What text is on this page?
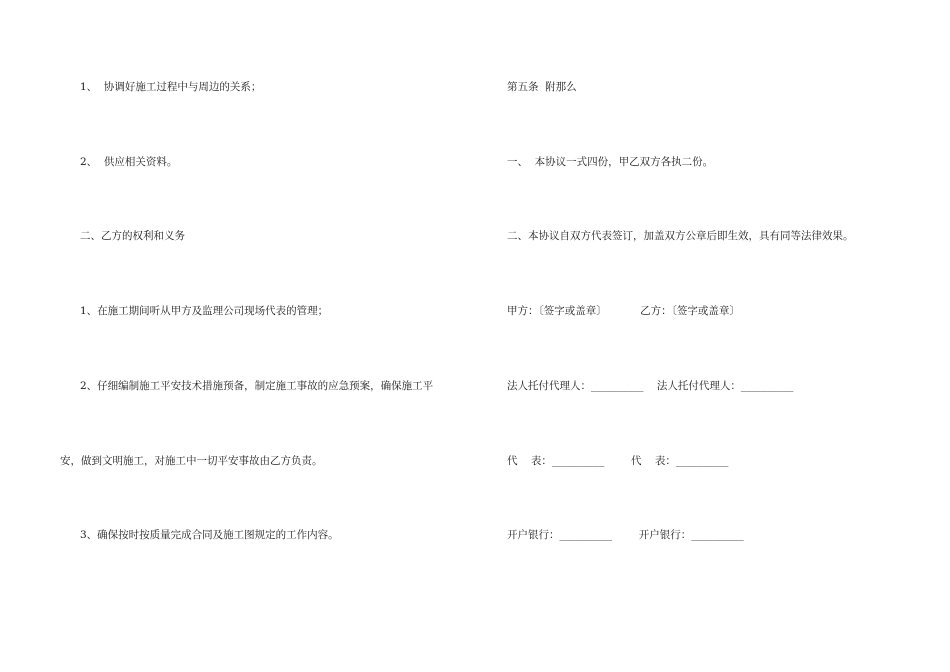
1、  协调好施工过程中与周边的关系；
2、  供应相关资料。
二、乙方的权利和义务
1、在施工期间听从甲方及监理公司现场代表的管理；
2、仔细编制施工平安技术措施预备，制定施工事故的应急预案，确保施工平
安，做到文明施工，对施工中一切平安事故由乙方负责。
3、确保按时按质量完成合同及施工图规定的工作内容。
第五条  附那么
一、  本协议一式四份，甲乙双方各执二份。
二、本协议自双方代表签订，加盖双方公章后即生效，具有同等法律效果。
甲方：〔签字或盖章〕          乙方：〔签字或盖章〕
法人托付代理人：__________    法人托付代理人：__________
代    表：__________        代    表：__________
开户银行：__________        开户银行：__________
